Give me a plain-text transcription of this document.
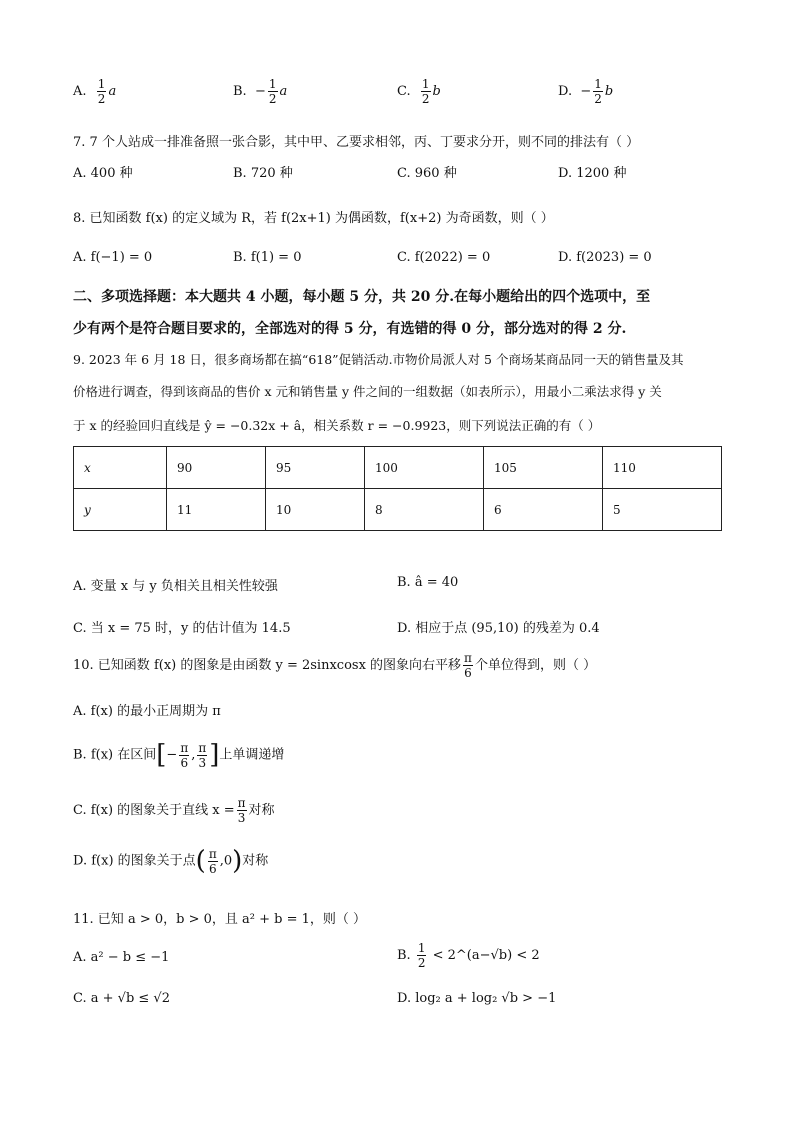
A. $\frac{1}{2}$ a	B. − $\frac{1}{2}$ a	C. $\frac{1}{2}$ b	D. − $\frac{1}{2}$ b
7. 7 个人站成一排准备照一张合影，其中甲、乙要求相邻，丙、丁要求分开，则不同的排法有（ ）
A. 400 种	B. 720 种	C. 960 种	D. 1200 种
8. 已知函数 f(x) 的定义域为 R，若 f(2x+1) 为偶函数，f(x+2) 为奇函数，则（ ）
A. f(−1) = 0	B. f(1) = 0	C. f(2022) = 0	D. f(2023) = 0
二、多项选择题：本大题共 4 小题，每小题 5 分，共 20 分.在每小题给出的四个选项中，至
少有两个是符合题目要求的，全部选对的得 5 分，有选错的得 0 分，部分选对的得 2 分.
9. 2023 年 6 月 18 日，很多商场都在搞“618”促销活动.市物价局派人对 5 个商场某商品同一天的销售量及其
价格进行调查，得到该商品的售价 x 元和销售量 y 件之间的一组数据（如表所示），用最小二乘法求得 y 关
于 x 的经验回归直线是 ŷ = −0.32x + â，相关系数 r = −0.9923，则下列说法正确的有（ ）
x	90	95	100	105	110
y	11	10	8	6	5
A. 变量 x 与 y 负相关且相关性较强	B. â = 40
C. 当 x = 75 时，y 的估计值为 14.5	D. 相应于点 (95,10) 的残差为 0.4
10. 已知函数 f(x) 的图象是由函数 y = 2sinxcosx 的图象向右平移 $\frac{\pi}{6}$ 个单位得到，则（ ）
A. f(x) 的最小正周期为 π
B. f(x) 在区间[− $\frac{\pi}{6}$ , $\frac{\pi}{3}$ ]上单调递增
C. f(x) 的图象关于直线 $x = \frac{\pi}{3}$ 对称
D. f(x) 的图象关于点( $\frac{\pi}{6} ,0$)对称
11. 已知 a > 0，b > 0，且 a² + b = 1，则（ ）
A. a² − b ≤ −1	B. $\frac{1}{2}$ < 2^(a−√b) < 2
C. a + √b ≤ √2	D. log₂ a + log₂ √b > −1
